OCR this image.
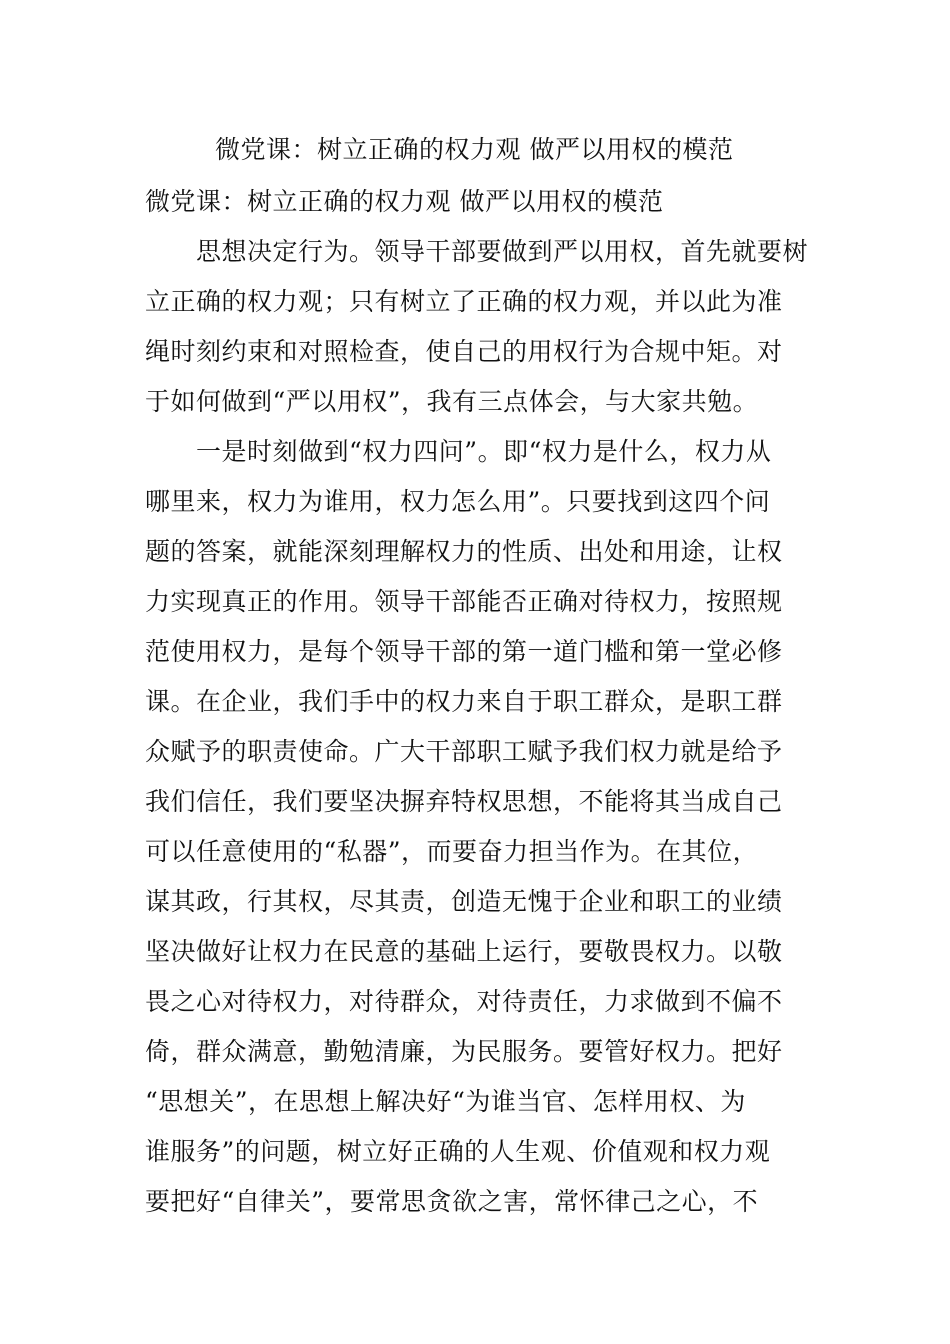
微党课：树立正确的权力观 做严以用权的模范
微党课：树立正确的权力观 做严以用权的模范
　　思想决定行为。领导干部要做到严以用权，首先就要树
立正确的权力观；只有树立了正确的权力观，并以此为准
绳时刻约束和对照检查，使自己的用权行为合规中矩。对
于如何做到“严以用权”，我有三点体会，与大家共勉。
　　一是时刻做到“权力四问”。即“权力是什么，权力从
哪里来，权力为谁用，权力怎么用”。只要找到这四个问
题的答案，就能深刻理解权力的性质、出处和用途，让权
力实现真正的作用。领导干部能否正确对待权力，按照规
范使用权力，是每个领导干部的第一道门槛和第一堂必修
课。在企业，我们手中的权力来自于职工群众，是职工群
众赋予的职责使命。广大干部职工赋予我们权力就是给予
我们信任，我们要坚决摒弃特权思想，不能将其当成自己
可以任意使用的“私器”，而要奋力担当作为。在其位，
谋其政，行其权，尽其责，创造无愧于企业和职工的业绩
坚决做好让权力在民意的基础上运行，要敬畏权力。以敬
畏之心对待权力，对待群众，对待责任，力求做到不偏不
倚，群众满意，勤勉清廉，为民服务。要管好权力。把好
“思想关”，在思想上解决好“为谁当官、怎样用权、为
谁服务”的问题，树立好正确的人生观、价值观和权力观
要把好“自律关”，要常思贪欲之害，常怀律己之心，不
